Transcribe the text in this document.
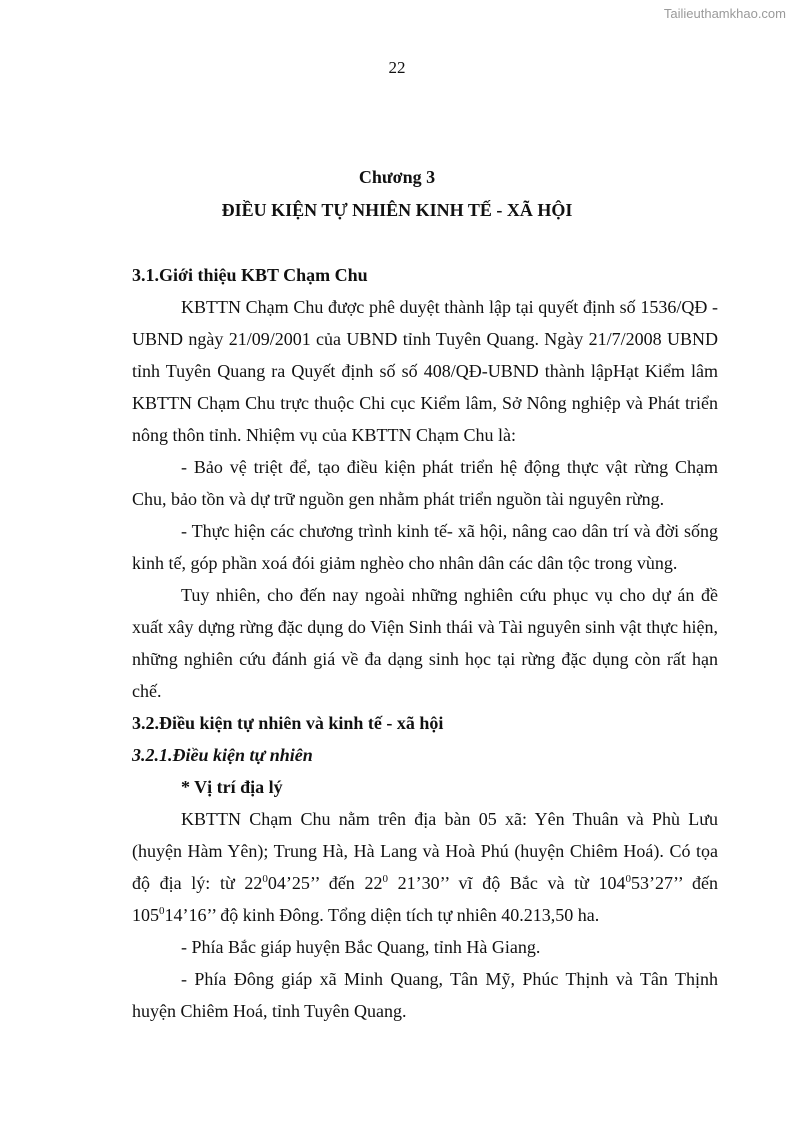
Tailieuthamkhao.com
22
Chương 3
ĐIỀU KIỆN TỰ NHIÊN KINH TẾ - XÃ HỘI

3.1.Giới thiệu KBT Chạm Chu

KBTTN Chạm Chu được phê duyệt thành lập tại quyết định số 1536/QĐ - UBND ngày 21/09/2001 của UBND tỉnh Tuyên Quang. Ngày 21/7/2008 UBND tỉnh Tuyên Quang ra Quyết định số số 408/QĐ-UBND thành lậpHạt Kiểm lâm KBTTN Chạm Chu trực thuộc Chi cục Kiểm lâm, Sở Nông nghiệp và Phát triển nông thôn tỉnh. Nhiệm vụ của KBTTN Chạm Chu là:

- Bảo vệ triệt để, tạo điều kiện phát triển hệ động thực vật rừng Chạm Chu, bảo tồn và dự trữ nguồn gen nhằm phát triển nguồn tài nguyên rừng.

- Thực hiện các chương trình kinh tế- xã hội, nâng cao dân trí và đời sống kinh tế, góp phần xoá đói giảm nghèo cho nhân dân các dân tộc trong vùng.

Tuy nhiên, cho đến nay ngoài những nghiên cứu phục vụ cho dự án đề xuất xây dựng rừng đặc dụng do Viện Sinh thái và Tài nguyên sinh vật thực hiện, những nghiên cứu đánh giá về đa dạng sinh học tại rừng đặc dụng còn rất hạn chế.

3.2.Điều kiện tự nhiên và kinh tế - xã hội

3.2.1.Điều kiện tự nhiên

* Vị trí địa lý

KBTTN Chạm Chu nằm trên địa bàn 05 xã: Yên Thuân và Phù Lưu (huyện Hàm Yên); Trung Hà, Hà Lang và Hoà Phú (huyện Chiêm Hoá). Có tọa độ địa lý: từ $22^004’25$’’ đến $22^0$ 21’30’’ vĩ độ Bắc và từ $104^053’27$’’ đến $105^014’16$’’ độ kinh Đông. Tổng diện tích tự nhiên 40.213,50 ha.

- Phía Bắc giáp huyện Bắc Quang, tỉnh Hà Giang.

- Phía Đông giáp xã Minh Quang, Tân Mỹ, Phúc Thịnh và Tân Thịnh huyện Chiêm Hoá, tỉnh Tuyên Quang.
